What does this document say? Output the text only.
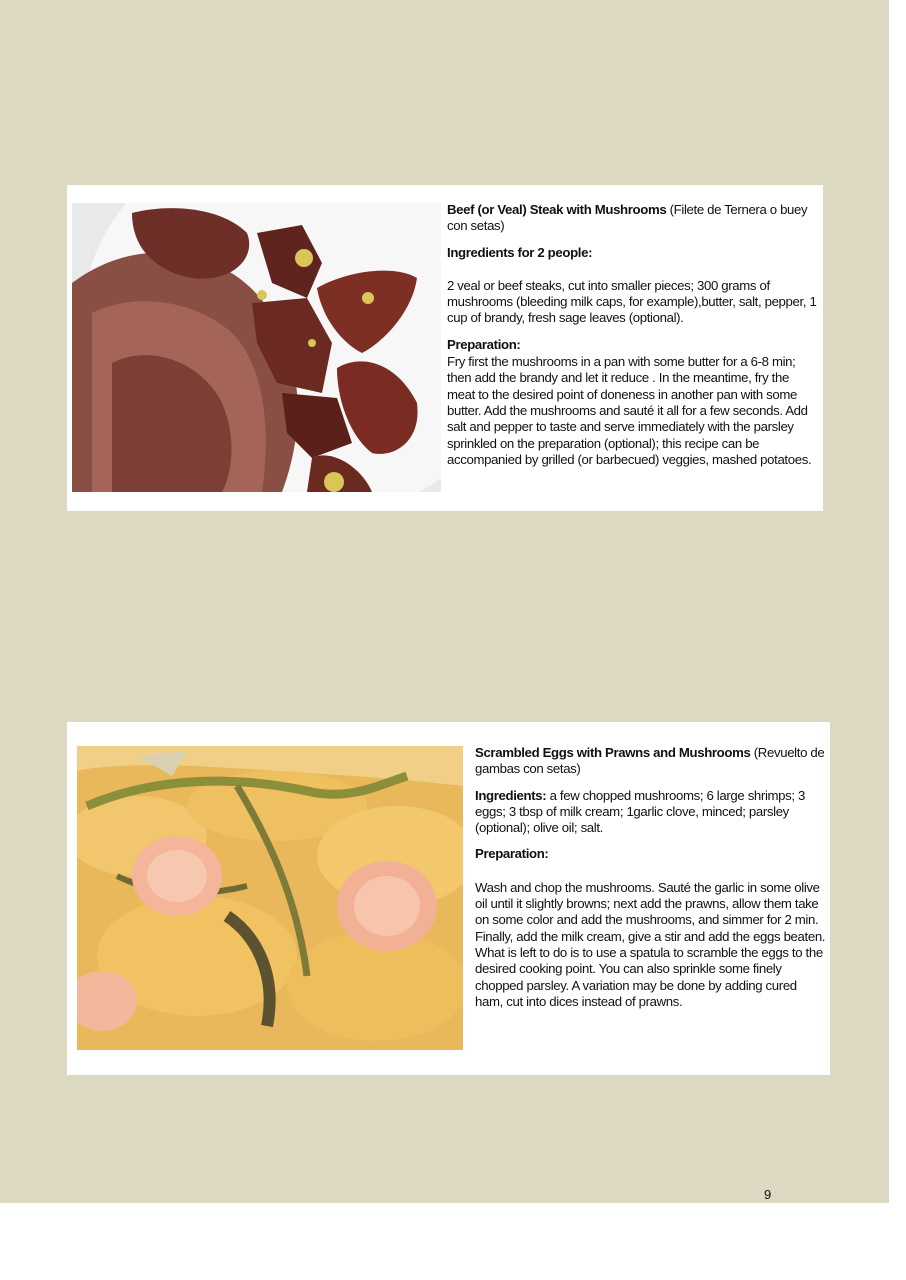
Beef (or Veal) Steak with Mushrooms (Filete de Ternera o buey con setas)

Ingredients for 2 people:

2 veal or beef steaks, cut into smaller pieces; 300 grams of mushrooms (bleeding milk caps, for example),butter, salt, pepper, 1 cup of brandy, fresh sage leaves (optional).

Preparation:

Fry first the mushrooms in a pan with some butter for a 6-8 min; then add the brandy and let it reduce . In the meantime, fry the meat to the desired point of doneness in another pan with some butter. Add the mushrooms and sauté it all for a few seconds. Add salt and pepper to taste and serve immediately with the parsley sprinkled on the preparation (optional); this recipe can be accompanied by grilled (or barbecued) veggies, mashed potatoes.

Scrambled Eggs with Prawns and Mushrooms (Revuelto de gambas con setas)

Ingredients: a few chopped mushrooms; 6 large shrimps; 3 eggs; 3 tbsp of milk cream; 1garlic clove, minced; parsley (optional); olive oil; salt.

Preparation:

Wash and chop the mushrooms. Sauté the garlic in some olive oil until it slightly browns; next add the prawns, allow them take on some color and add the mushrooms, and simmer for 2 min. Finally, add the milk cream, give a stir and add the eggs beaten. What is left to do is to use a spatula to scramble the eggs to the desired cooking point. You can also sprinkle some finely chopped parsley. A variation may be done by adding cured ham, cut into dices instead of prawns.

9
